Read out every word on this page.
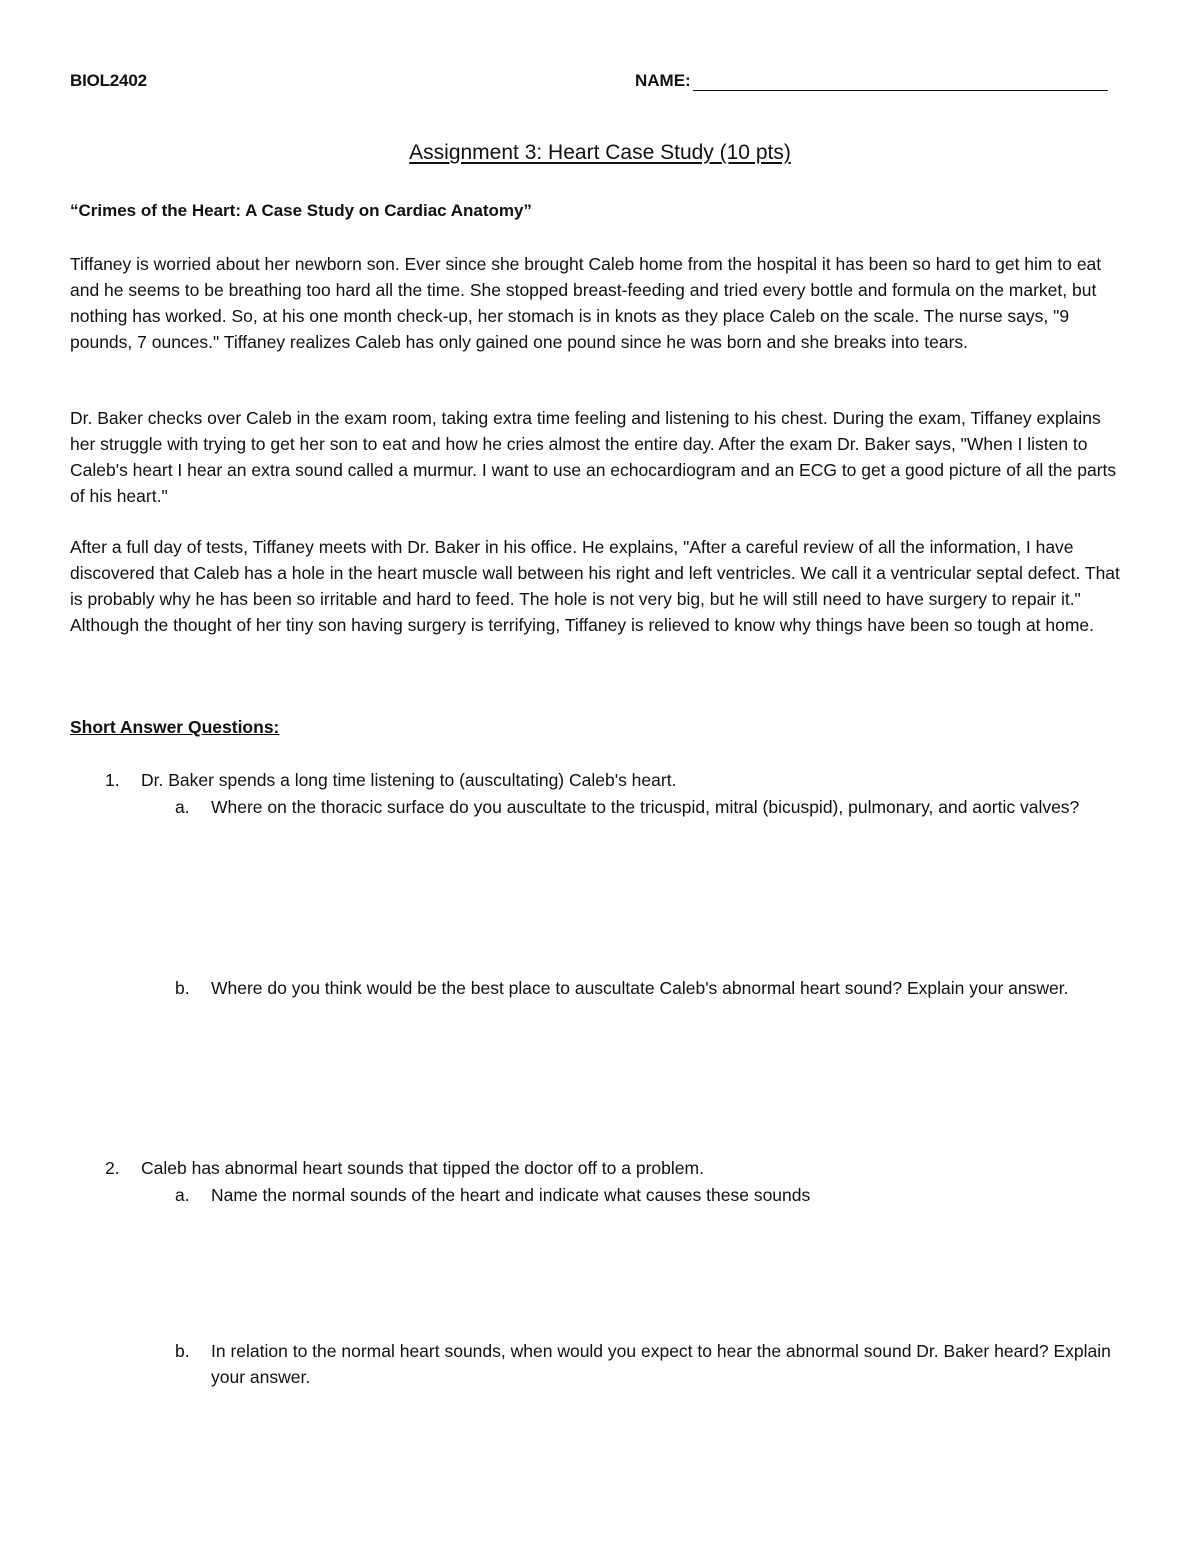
BIOL2402	NAME:
Assignment 3: Heart Case Study (10 pts)
“Crimes of the Heart: A Case Study on Cardiac Anatomy”

Tiffaney is worried about her newborn son. Ever since she brought Caleb home from the hospital it has been so hard to get him to eat and he seems to be breathing too hard all the time. She stopped breast-feeding and tried every bottle and formula on the market, but nothing has worked. So, at his one month check-up, her stomach is in knots as they place Caleb on the scale. The nurse says, "9 pounds, 7 ounces." Tiffaney realizes Caleb has only gained one pound since he was born and she breaks into tears.

Dr. Baker checks over Caleb in the exam room, taking extra time feeling and listening to his chest. During the exam, Tiffaney explains her struggle with trying to get her son to eat and how he cries almost the entire day. After the exam Dr. Baker says, "When I listen to Caleb's heart I hear an extra sound called a murmur. I want to use an echocardiogram and an ECG to get a good picture of all the parts of his heart."

After a full day of tests, Tiffaney meets with Dr. Baker in his office. He explains, "After a careful review of all the information, I have discovered that Caleb has a hole in the heart muscle wall between his right and left ventricles. We call it a ventricular septal defect. That is probably why he has been so irritable and hard to feed. The hole is not very big, but he will still need to have surgery to repair it." Although the thought of her tiny son having surgery is terrifying, Tiffaney is relieved to know why things have been so tough at home.

Short Answer Questions:
1. Dr. Baker spends a long time listening to (auscultating) Caleb's heart.
a. Where on the thoracic surface do you auscultate to the tricuspid, mitral (bicuspid), pulmonary, and aortic valves?
b. Where do you think would be the best place to auscultate Caleb's abnormal heart sound? Explain your answer.
2. Caleb has abnormal heart sounds that tipped the doctor off to a problem.
a. Name the normal sounds of the heart and indicate what causes these sounds
b. In relation to the normal heart sounds, when would you expect to hear the abnormal sound Dr. Baker heard? Explain your answer.
